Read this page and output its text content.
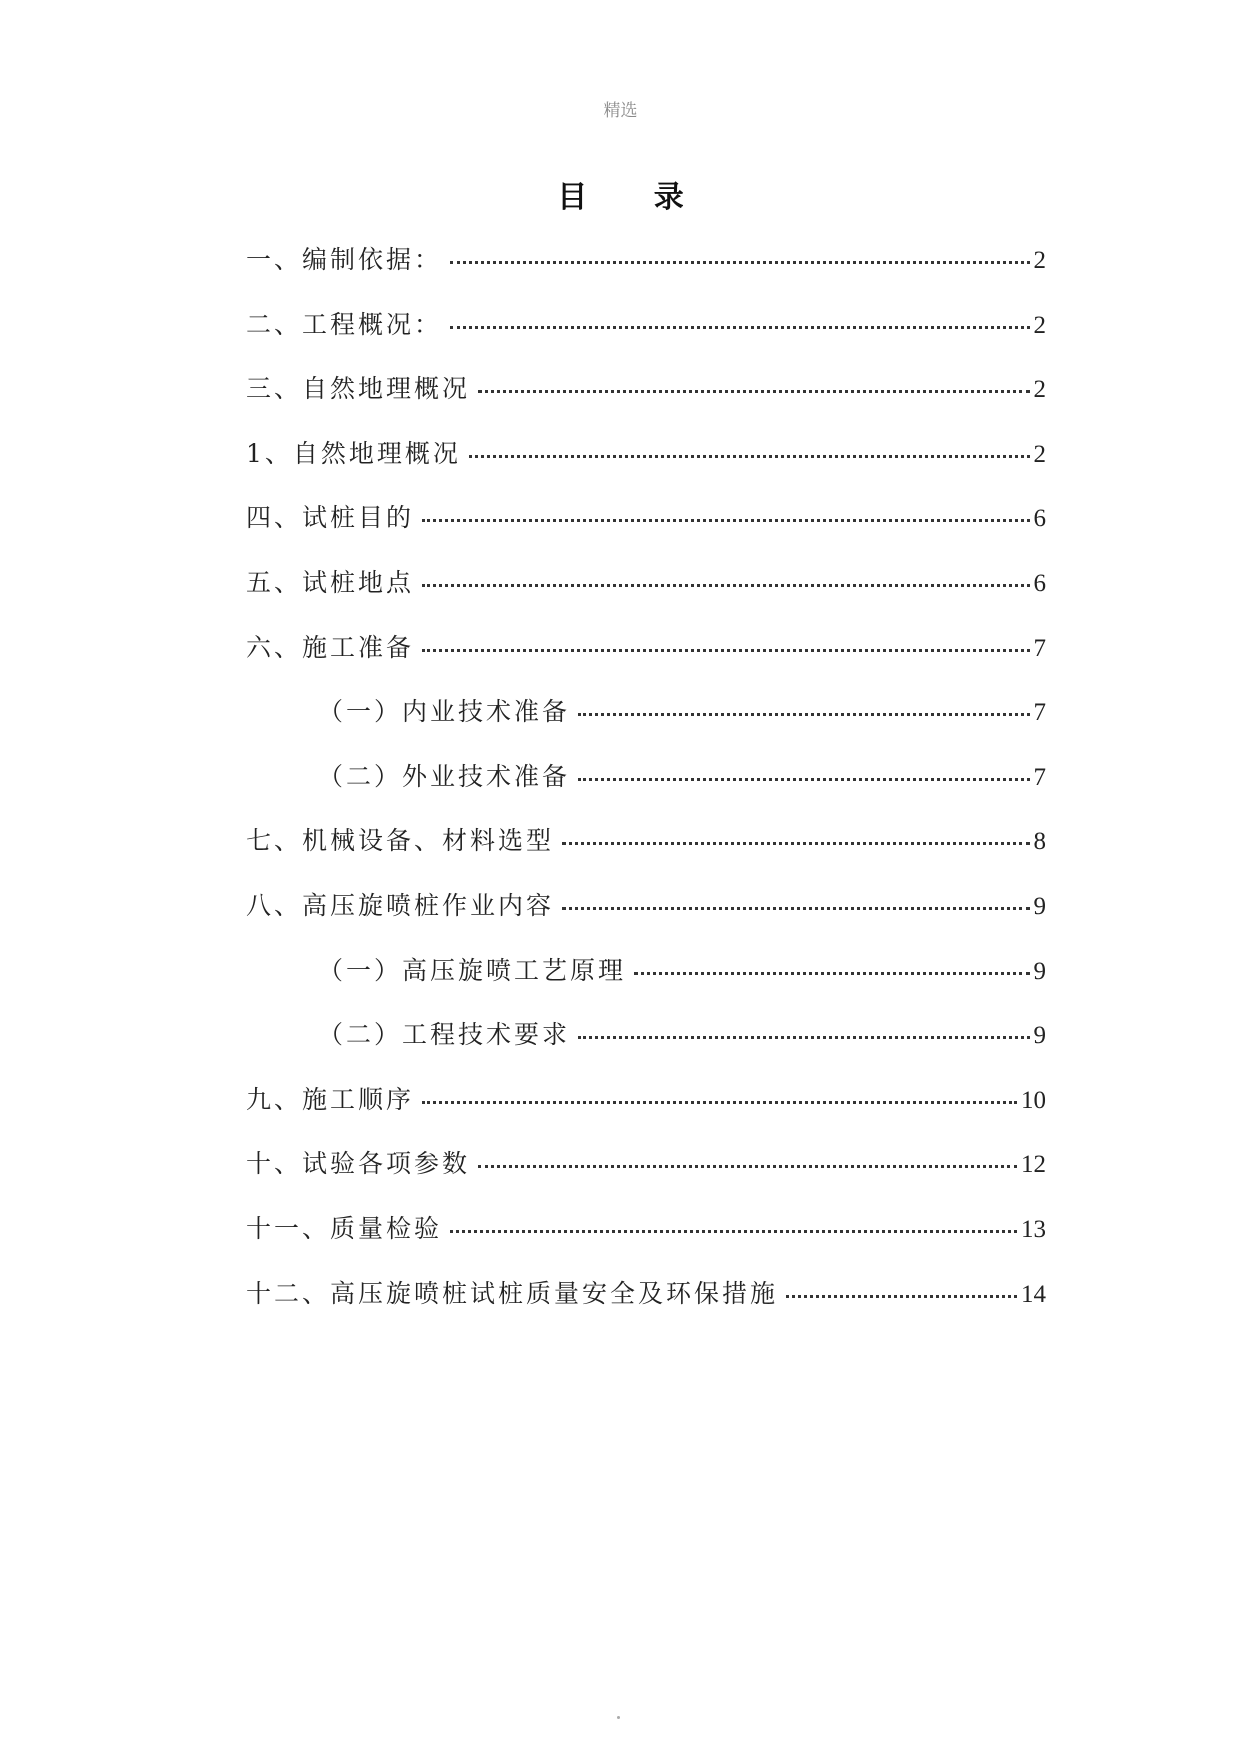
精选
目 录
一、编制依据：	2
二、工程概况：	2
三、自然地理概况	2
1、自然地理概况	2
四、试桩目的	6
五、试桩地点	6
六、施工准备	7
（一）内业技术准备	7
（二）外业技术准备	7
七、机械设备、材料选型	8
八、高压旋喷桩作业内容	9
（一）高压旋喷工艺原理	9
（二）工程技术要求	9
九、施工顺序	10
十、试验各项参数	12
十一、质量检验	13
十二、高压旋喷桩试桩质量安全及环保措施	14
